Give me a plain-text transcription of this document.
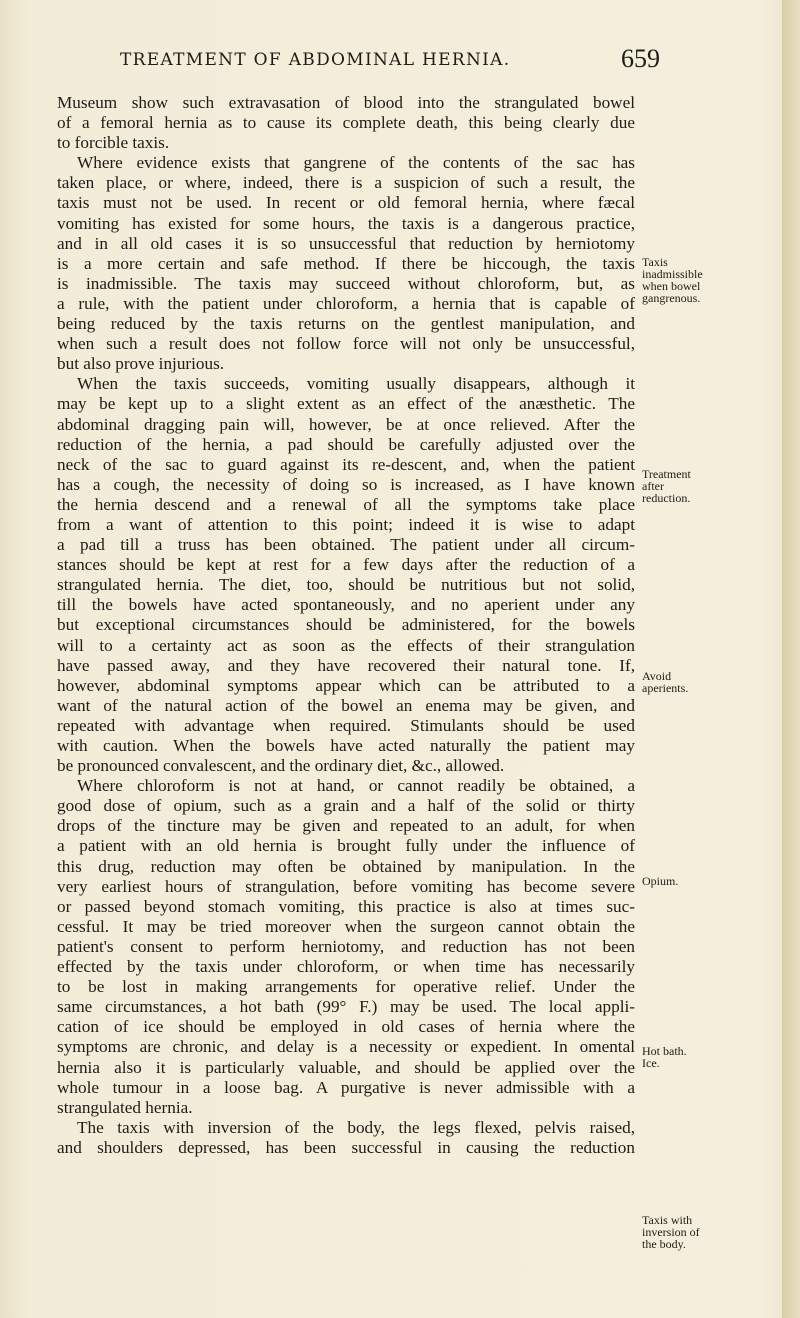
TREATMENT OF ABDOMINAL HERNIA.	659
Museum show such extravasation of blood into the strangulated bowel
of a femoral hernia as to cause its complete death, this being clearly due
to forcible taxis.
Where evidence exists that gangrene of the contents of the sac has
taken place, or where, indeed, there is a suspicion of such a result, the
taxis must not be used. In recent or old femoral hernia, where fæcal
vomiting has existed for some hours, the taxis is a dangerous practice,
and in all old cases it is so unsuccessful that reduction by herniotomy
is a more certain and safe method. If there be hiccough, the taxis
is inadmissible. The taxis may succeed without chloroform, but, as
a rule, with the patient under chloroform, a hernia that is capable of
being reduced by the taxis returns on the gentlest manipulation, and
when such a result does not follow force will not only be unsuccessful,
but also prove injurious.
When the taxis succeeds, vomiting usually disappears, although it
may be kept up to a slight extent as an effect of the anæsthetic. The
abdominal dragging pain will, however, be at once relieved. After the
reduction of the hernia, a pad should be carefully adjusted over the
neck of the sac to guard against its re-descent, and, when the patient
has a cough, the necessity of doing so is increased, as I have known
the hernia descend and a renewal of all the symptoms take place
from a want of attention to this point; indeed it is wise to adapt
a pad till a truss has been obtained. The patient under all circum-
stances should be kept at rest for a few days after the reduction of a
strangulated hernia. The diet, too, should be nutritious but not solid,
till the bowels have acted spontaneously, and no aperient under any
but exceptional circumstances should be administered, for the bowels
will to a certainty act as soon as the effects of their strangulation
have passed away, and they have recovered their natural tone. If,
however, abdominal symptoms appear which can be attributed to a
want of the natural action of the bowel an enema may be given, and
repeated with advantage when required. Stimulants should be used
with caution. When the bowels have acted naturally the patient may
be pronounced convalescent, and the ordinary diet, &c., allowed.
Where chloroform is not at hand, or cannot readily be obtained, a
good dose of opium, such as a grain and a half of the solid or thirty
drops of the tincture may be given and repeated to an adult, for when
a patient with an old hernia is brought fully under the influence of
this drug, reduction may often be obtained by manipulation. In the
very earliest hours of strangulation, before vomiting has become severe
or passed beyond stomach vomiting, this practice is also at times suc-
cessful. It may be tried moreover when the surgeon cannot obtain the
patient's consent to perform herniotomy, and reduction has not been
effected by the taxis under chloroform, or when time has necessarily
to be lost in making arrangements for operative relief. Under the
same circumstances, a hot bath (99° F.) may be used. The local appli-
cation of ice should be employed in old cases of hernia where the
symptoms are chronic, and delay is a necessity or expedient. In omental
hernia also it is particularly valuable, and should be applied over the
whole tumour in a loose bag. A purgative is never admissible with a
strangulated hernia.
The taxis with inversion of the body, the legs flexed, pelvis raised,
and shoulders depressed, has been successful in causing the reduction
Taxis
inadmissible
when bowel
gangrenous.
Treatment
after
reduction.
Avoid
aperients.
Opium.
Hot bath.
Ice.
Taxis with
inversion of
the body.
